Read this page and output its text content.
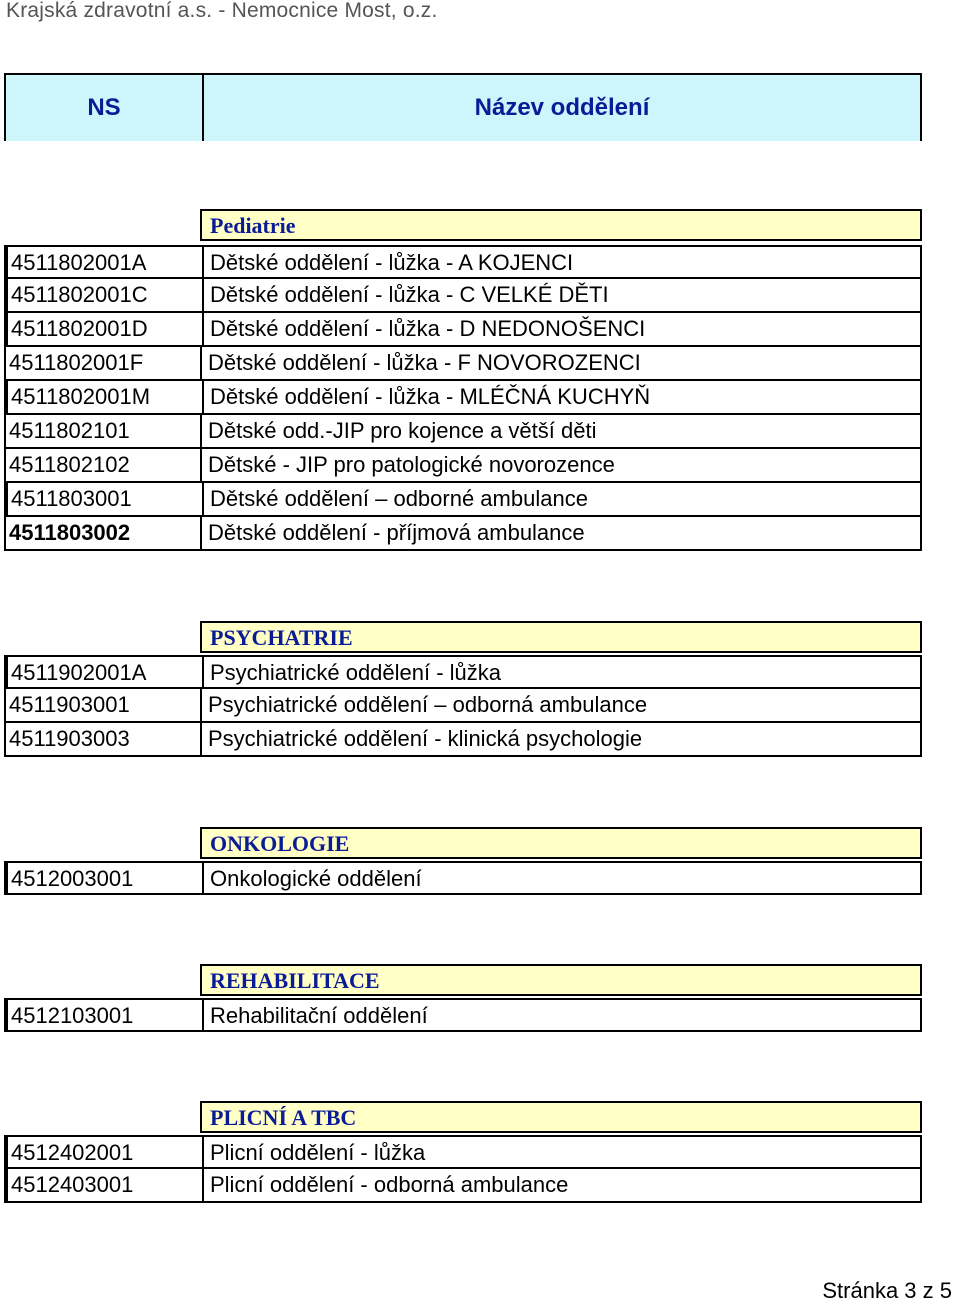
Krajská zdravotní a.s. - Nemocnice Most, o.z.
NS	Název oddělení
Pediatrie
4511802001A	Dětské oddělení - lůžka - A KOJENCI
4511802001C	Dětské oddělení - lůžka - C VELKÉ DĚTI
4511802001D	Dětské oddělení - lůžka - D NEDONOŠENCI
4511802001F	Dětské oddělení - lůžka - F NOVOROZENCI
4511802001M	Dětské oddělení - lůžka - MLÉČNÁ KUCHYŇ
4511802101	Dětské odd.-JIP pro kojence a větší děti
4511802102	Dětské - JIP pro patologické novorozence
4511803001	Dětské oddělení – odborné ambulance
4511803002	Dětské oddělení - příjmová ambulance
PSYCHATRIE
4511902001A	Psychiatrické oddělení - lůžka
4511903001	Psychiatrické oddělení – odborná ambulance
4511903003	Psychiatrické oddělení - klinická psychologie
ONKOLOGIE
4512003001	Onkologické oddělení
REHABILITACE
4512103001	Rehabilitační oddělení
PLICNÍ A TBC
4512402001	Plicní oddělení - lůžka
4512403001	Plicní oddělení - odborná ambulance
Stránka 3 z 5
